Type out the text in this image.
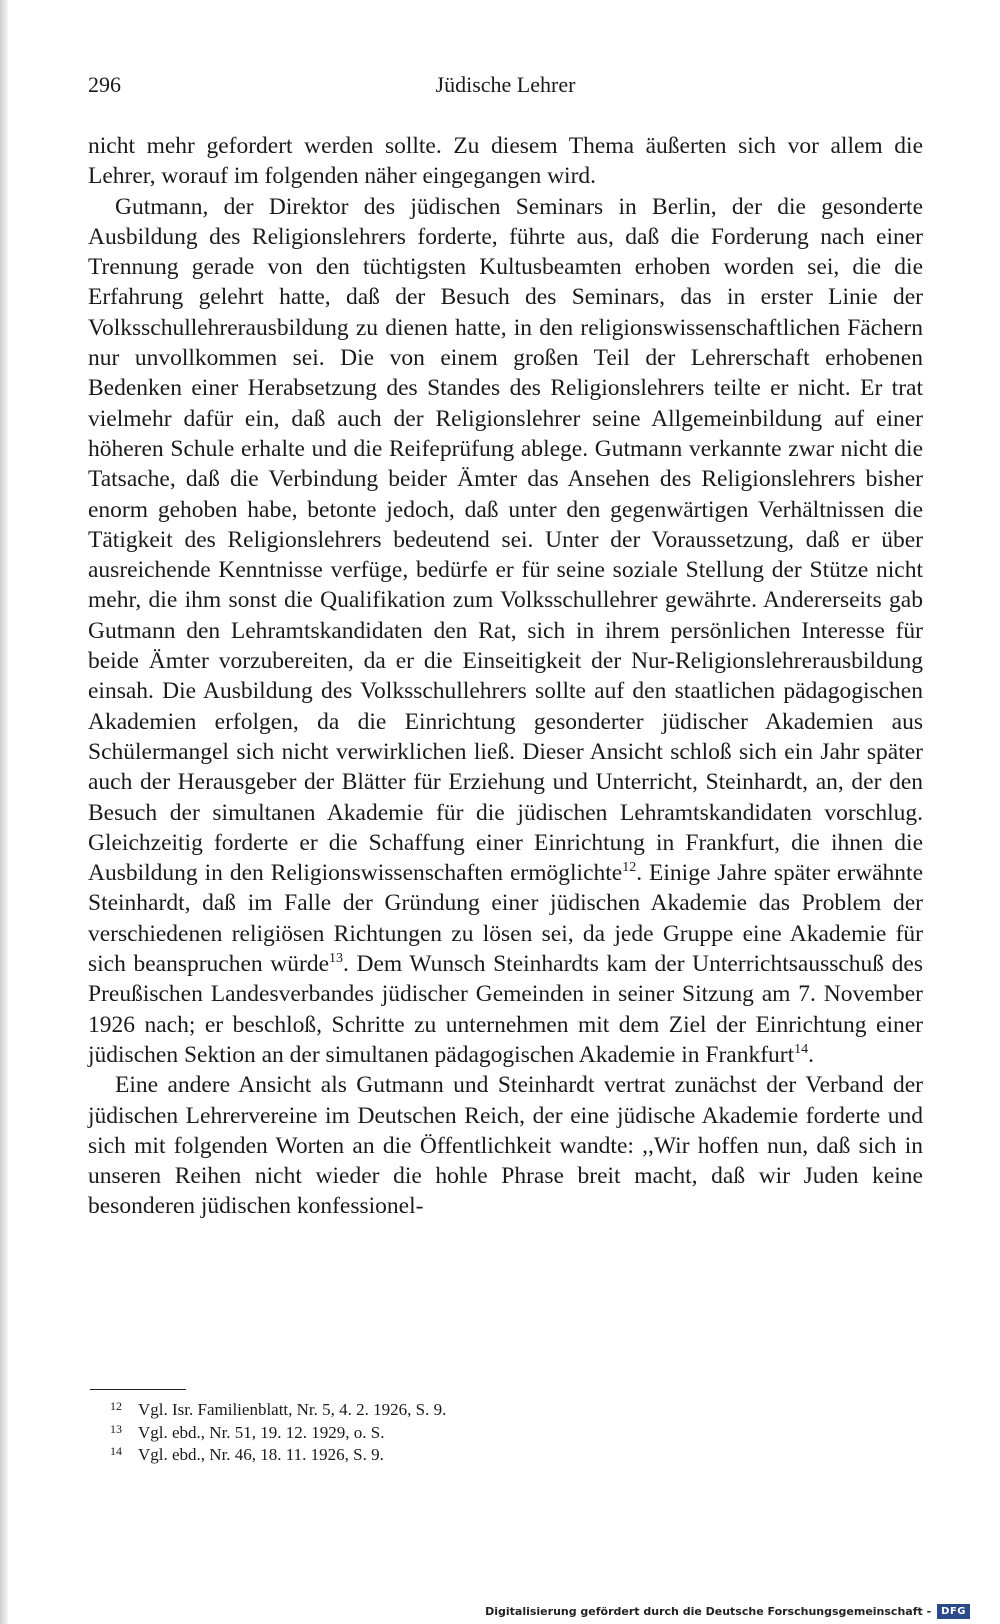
Jüdische Lehrer
296

nicht mehr gefordert werden sollte. Zu diesem Thema äußerten sich vor allem die Lehrer, worauf im folgenden näher eingegangen wird.

Gutmann, der Direktor des jüdischen Seminars in Berlin, der die gesonderte Ausbildung des Religionslehrers forderte, führte aus, daß die Forderung nach einer Trennung gerade von den tüchtigsten Kultusbeamten erhoben worden sei, die die Erfahrung gelehrt hatte, daß der Besuch des Seminars, das in erster Linie der Volksschullehrerausbildung zu dienen hatte, in den religionswissenschaftlichen Fächern nur unvollkommen sei. Die von einem großen Teil der Lehrerschaft erhobenen Bedenken einer Herabsetzung des Standes des Religionslehrers teilte er nicht. Er trat vielmehr dafür ein, daß auch der Religionslehrer seine Allgemeinbildung auf einer höheren Schule erhalte und die Reifeprüfung ablege. Gutmann verkannte zwar nicht die Tatsache, daß die Verbindung beider Ämter das Ansehen des Religionslehrers bisher enorm gehoben habe, betonte jedoch, daß unter den gegenwärtigen Verhältnissen die Tätigkeit des Religionslehrers bedeutend sei. Unter der Voraussetzung, daß er über ausreichende Kenntnisse verfüge, bedürfe er für seine soziale Stellung der Stütze nicht mehr, die ihm sonst die Qualifikation zum Volksschullehrer gewährte. Andererseits gab Gutmann den Lehramtskandidaten den Rat, sich in ihrem persönlichen Interesse für beide Ämter vorzubereiten, da er die Einseitigkeit der Nur-Religionslehrerausbildung einsah. Die Ausbildung des Volksschullehrers sollte auf den staatlichen pädagogischen Akademien erfolgen, da die Einrichtung gesonderter jüdischer Akademien aus Schülermangel sich nicht verwirklichen ließ. Dieser Ansicht schloß sich ein Jahr später auch der Herausgeber der Blätter für Erziehung und Unterricht, Steinhardt, an, der den Besuch der simultanen Akademie für die jüdischen Lehramtskandidaten vorschlug. Gleichzeitig forderte er die Schaffung einer Einrichtung in Frankfurt, die ihnen die Ausbildung in den Religionswissenschaften ermöglichte$^{12}$. Einige Jahre später erwähnte Steinhardt, daß im Falle der Gründung einer jüdischen Akademie das Problem der verschiedenen religiösen Richtungen zu lösen sei, da jede Gruppe eine Akademie für sich beanspruchen würde$^{13}$. Dem Wunsch Steinhardts kam der Unterrichtsausschuß des Preußischen Landesverbandes jüdischer Gemeinden in seiner Sitzung am 7. November 1926 nach; er beschloß, Schritte zu unternehmen mit dem Ziel der Einrichtung einer jüdischen Sektion an der simultanen pädagogischen Akademie in Frankfurt$^{14}$.

Eine andere Ansicht als Gutmann und Steinhardt vertrat zunächst der Verband der jüdischen Lehrervereine im Deutschen Reich, der eine jüdische Akademie forderte und sich mit folgenden Worten an die Öffentlichkeit wandte: ,,Wir hoffen nun, daß sich in unseren Reihen nicht wieder die hohle Phrase breit macht, daß wir Juden keine besonderen jüdischen konfessionel-

12 Vgl. Isr. Familienblatt, Nr. 5, 4. 2. 1926, S. 9.
13 Vgl. ebd., Nr. 51, 19. 12. 1929, o. S.
14 Vgl. ebd., Nr. 46, 18. 11. 1926, S. 9.
Digitalisierung gefördert durch die Deutsche Forschungsgemeinschaft -	DFG
